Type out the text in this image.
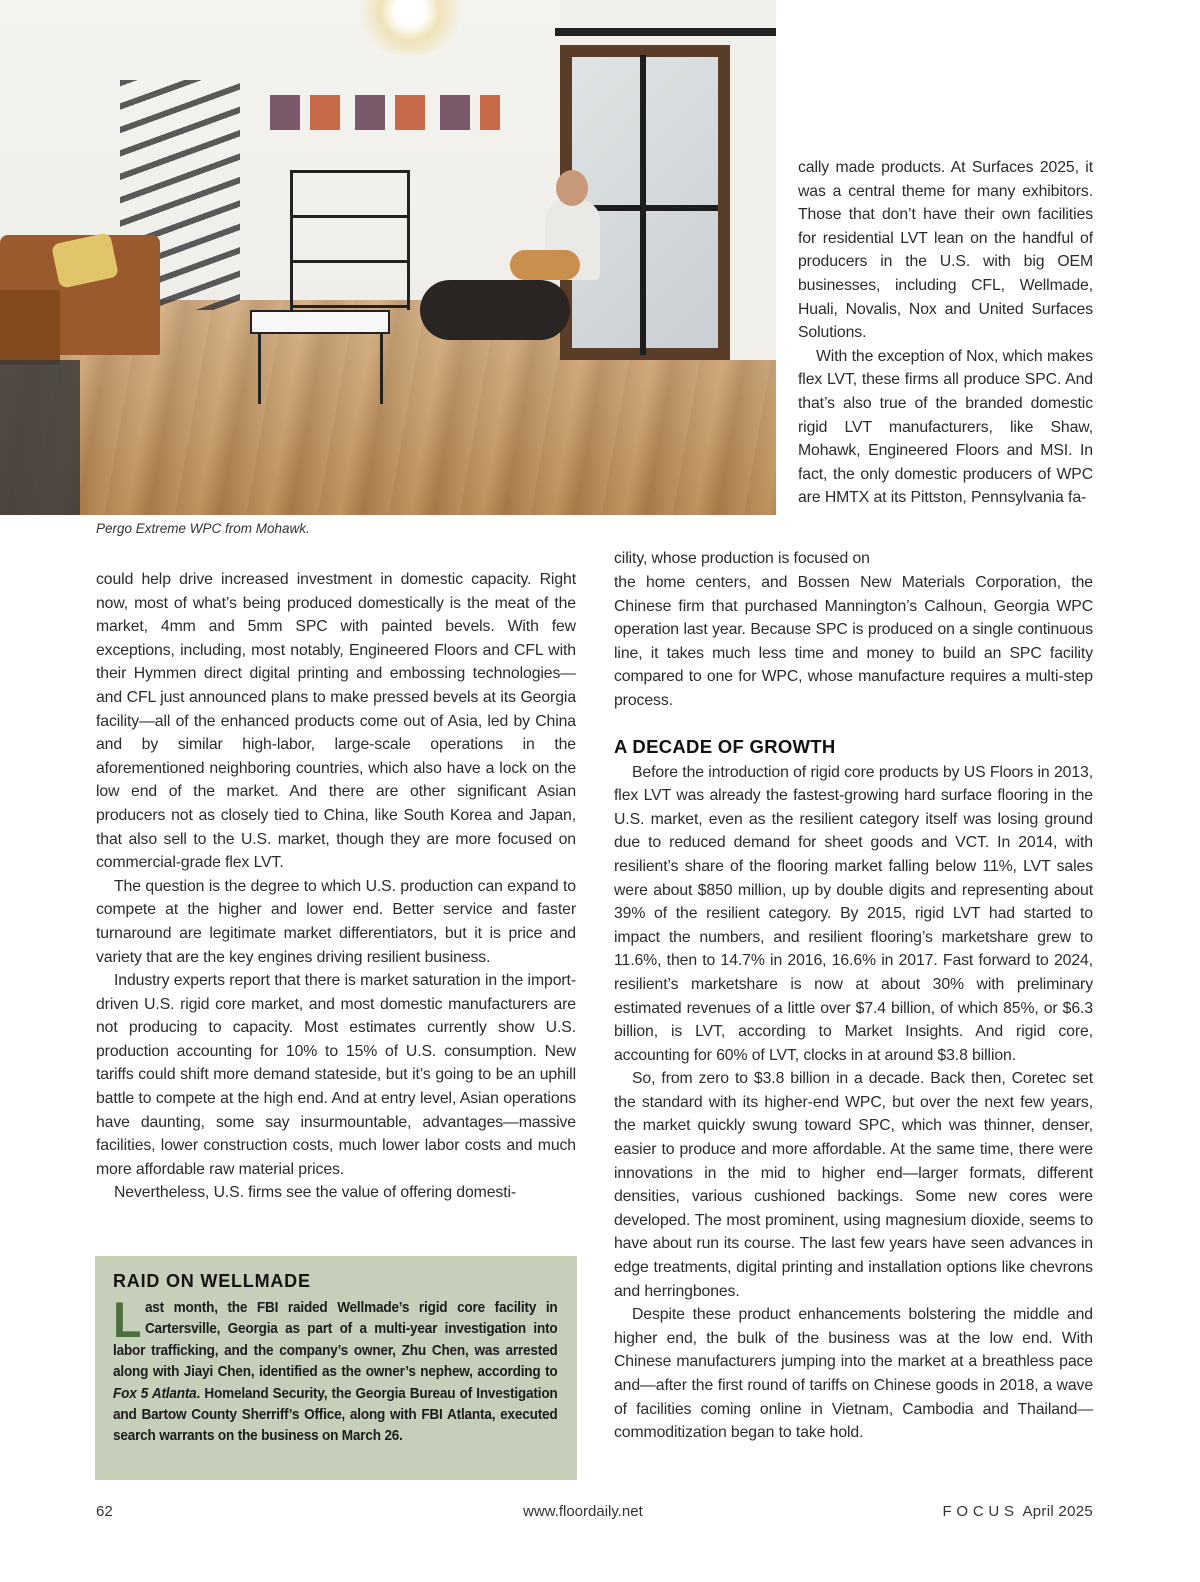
Pergo Extreme WPC from Mohawk.

cally made products. At Surfaces 2025, it was a central theme for many exhibitors. Those that don’t have their own facilities for residential LVT lean on the handful of producers in the U.S. with big OEM businesses, including CFL, Wellmade, Huali, Novalis, Nox and United Surfaces Solutions.

With the exception of Nox, which makes flex LVT, these firms all produce SPC. And that’s also true of the branded domestic rigid LVT manufacturers, like Shaw, Mohawk, Engineered Floors and MSI. In fact, the only domestic producers of WPC are HMTX at its Pittston, Pennsylvania fa-

cility, whose production is focused on

the home centers, and Bossen New Materials Corporation, the Chinese firm that purchased Mannington’s Calhoun, Georgia WPC operation last year. Because SPC is produced on a single continuous line, it takes much less time and money to build an SPC facility compared to one for WPC, whose manufacture requires a multi-step process.

A DECADE OF GROWTH

Before the introduction of rigid core products by US Floors in 2013, flex LVT was already the fastest-growing hard surface flooring in the U.S. market, even as the resilient category itself was losing ground due to reduced demand for sheet goods and VCT. In 2014, with resilient’s share of the flooring market falling below 11%, LVT sales were about $850 million, up by double digits and representing about 39% of the resilient category. By 2015, rigid LVT had started to impact the numbers, and resilient flooring’s marketshare grew to 11.6%, then to 14.7% in 2016, 16.6% in 2017. Fast forward to 2024, resilient’s marketshare is now at about 30% with preliminary estimated revenues of a little over $7.4 billion, of which 85%, or $6.3 billion, is LVT, according to Market Insights. And rigid core, accounting for 60% of LVT, clocks in at around $3.8 billion.

So, from zero to $3.8 billion in a decade. Back then, Coretec set the standard with its higher-end WPC, but over the next few years, the market quickly swung toward SPC, which was thinner, denser, easier to produce and more affordable. At the same time, there were innovations in the mid to higher end—larger formats, different densities, various cushioned backings. Some new cores were developed. The most prominent, using magnesium dioxide, seems to have about run its course. The last few years have seen advances in edge treatments, digital printing and installation options like chevrons and herringbones.

Despite these product enhancements bolstering the middle and higher end, the bulk of the business was at the low end. With Chinese manufacturers jumping into the market at a breathless pace and—after the first round of tariffs on Chinese goods in 2018, a wave of facilities coming online in Vietnam, Cambodia and Thailand—commoditization began to take hold.

could help drive increased investment in domestic capacity. Right now, most of what’s being produced domestically is the meat of the market, 4mm and 5mm SPC with painted bevels. With few exceptions, including, most notably, Engineered Floors and CFL with their Hymmen direct digital printing and embossing technologies—and CFL just announced plans to make pressed bevels at its Georgia facility—all of the enhanced products come out of Asia, led by China and by similar high-labor, large-scale operations in the aforementioned neighboring countries, which also have a lock on the low end of the market. And there are other significant Asian producers not as closely tied to China, like South Korea and Japan, that also sell to the U.S. market, though they are more focused on commercial-grade flex LVT.

The question is the degree to which U.S. production can expand to compete at the higher and lower end. Better service and faster turnaround are legitimate market differentiators, but it is price and variety that are the key engines driving resilient business.

Industry experts report that there is market saturation in the import-driven U.S. rigid core market, and most domestic manufacturers are not producing to capacity. Most estimates currently show U.S. production accounting for 10% to 15% of U.S. consumption. New tariffs could shift more demand stateside, but it’s going to be an uphill battle to compete at the high end. And at entry level, Asian operations have daunting, some say insurmountable, advantages—massive facilities, lower construction costs, much lower labor costs and much more affordable raw material prices.

Nevertheless, U.S. firms see the value of offering domesti-

RAID ON WELLMADE
Last month, the FBI raided Wellmade’s rigid core facility in Cartersville, Georgia as part of a multi-year investigation into labor trafficking, and the company’s owner, Zhu Chen, was arrested along with Jiayi Chen, identified as the owner’s nephew, according to Fox 5 Atlanta. Homeland Security, the Georgia Bureau of Investigation and Bartow County Sherriff’s Office, along with FBI Atlanta, executed search warrants on the business on March 26.
62	www.floordaily.net	F O C U S  April 2025
